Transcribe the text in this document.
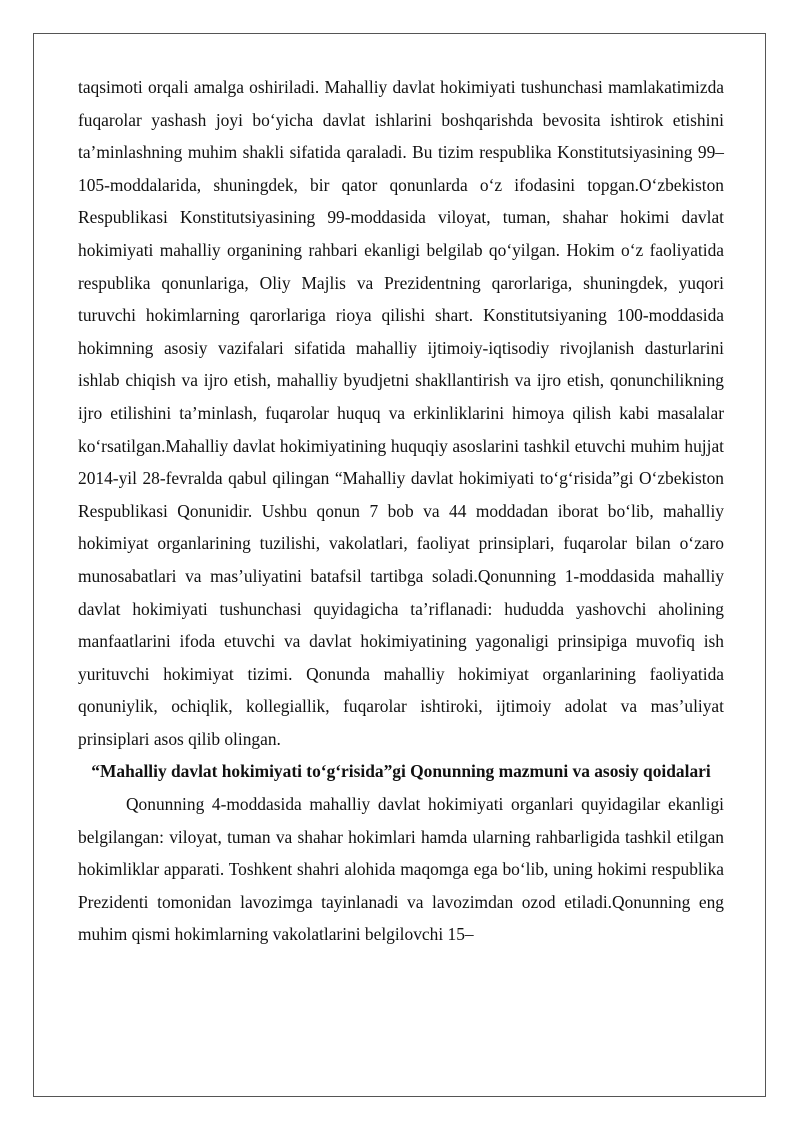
taqsimoti orqali amalga oshiriladi. Mahalliy davlat hokimiyati tushunchasi mamlakatimizda fuqarolar yashash joyi bo‘yicha davlat ishlarini boshqarishda bevosita ishtirok etishini ta’minlashning muhim shakli sifatida qaraladi. Bu tizim respublika Konstitutsiyasining 99–105-moddalarida, shuningdek, bir qator qonunlarda o‘z ifodasini topgan.O‘zbekiston Respublikasi Konstitutsiyasining 99-moddasida viloyat, tuman, shahar hokimi davlat hokimiyati mahalliy organining rahbari ekanligi belgilab qo‘yilgan. Hokim o‘z faoliyatida respublika qonunlariga, Oliy Majlis va Prezidentning qarorlariga, shuningdek, yuqori turuvchi hokimlarning qarorlariga rioya qilishi shart. Konstitutsiyaning 100-moddasida hokimning asosiy vazifalari sifatida mahalliy ijtimoiy-iqtisodiy rivojlanish dasturlarini ishlab chiqish va ijro etish, mahalliy byudjetni shakllantirish va ijro etish, qonunchilikning ijro etilishini ta’minlash, fuqarolar huquq va erkinliklarini himoya qilish kabi masalalar ko‘rsatilgan.Mahalliy davlat hokimiyatining huquqiy asoslarini tashkil etuvchi muhim hujjat 2014-yil 28-fevralda qabul qilingan “Mahalliy davlat hokimiyati to‘g‘risida”gi O‘zbekiston Respublikasi Qonunidir. Ushbu qonun 7 bob va 44 moddadan iborat bo‘lib, mahalliy hokimiyat organlarining tuzilishi, vakolatlari, faoliyat prinsiplari, fuqarolar bilan o‘zaro munosabatlari va mas’uliyatini batafsil tartibga soladi.Qonunning 1-moddasida mahalliy davlat hokimiyati tushunchasi quyidagicha ta’riflanadi: hududda yashovchi aholining manfaatlarini ifoda etuvchi va davlat hokimiyatining yagonaligi prinsipiga muvofiq ish yurituvchi hokimiyat tizimi. Qonunda mahalliy hokimiyat organlarining faoliyatida qonuniylik, ochiqlik, kollegiallik, fuqarolar ishtiroki, ijtimoiy adolat va mas’uliyat prinsiplari asos qilib olingan.

“Mahalliy davlat hokimiyati to‘g‘risida”gi Qonunning mazmuni va asosiy qoidalari

Qonunning 4-moddasida mahalliy davlat hokimiyati organlari quyidagilar ekanligi belgilangan: viloyat, tuman va shahar hokimlari hamda ularning rahbarligida tashkil etilgan hokimliklar apparati. Toshkent shahri alohida maqomga ega bo‘lib, uning hokimi respublika Prezidenti tomonidan lavozimga tayinlanadi va lavozimdan ozod etiladi.Qonunning eng muhim qismi hokimlarning vakolatlarini belgilovchi 15–
